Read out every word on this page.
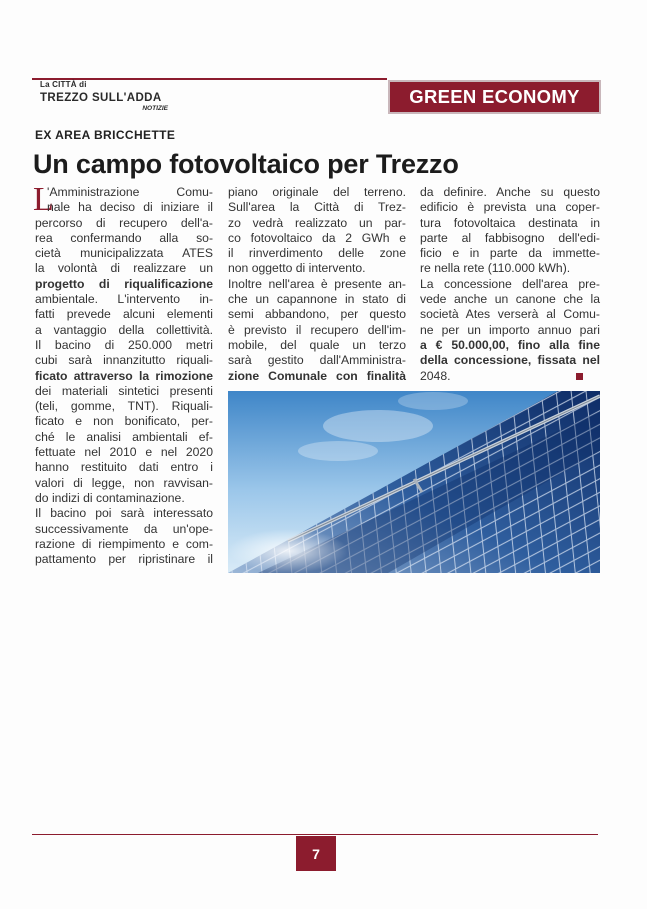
La CITTÀ di
TREZZO SULL'ADDA
NOTIZIE
GREEN ECONOMY
EX AREA BRICCHETTE
Un campo fotovoltaico per Trezzo
L
'Amministrazione Comu-
nale ha deciso di iniziare il
percorso di recupero dell'a-
rea confermando alla so-
cietà municipalizzata ATES
la volontà di realizzare un
progetto di riqualificazione
ambientale. L'intervento in-
fatti prevede alcuni elementi
a vantaggio della collettività.
Il bacino di 250.000 metri
cubi sarà innanzitutto riquali-
ficato attraverso la rimozione
dei materiali sintetici presenti
(teli, gomme, TNT). Riquali-
ficato e non bonificato, per-
ché le analisi ambientali ef-
fettuate nel 2010 e nel 2020
hanno restituito dati entro i
valori di legge, non ravvisan-
do indizi di contaminazione.
Il bacino poi sarà interessato
successivamente da un'ope-
razione di riempimento e com-
pattamento per ripristinare il
piano originale del terreno.
Sull'area la Città di Trez-
zo vedrà realizzato un par-
co fotovoltaico da 2 GWh e
il rinverdimento delle zone
non oggetto di intervento.
Inoltre nell'area è presente an-
che un capannone in stato di
semi abbandono, per questo
è previsto il recupero dell'im-
mobile, del quale un terzo
sarà gestito dall'Amministra-
zione Comunale con finalità
da definire. Anche su questo
edificio è prevista una coper-
tura fotovoltaica destinata in
parte al fabbisogno dell'edi-
ficio e in parte da immette-
re nella rete (110.000 kWh).
La concessione dell'area pre-
vede anche un canone che la
società Ates verserà al Comu-
ne per un importo annuo pari
a € 50.000,00, fino alla fine
della concessione, fissata nel
2048.
7
